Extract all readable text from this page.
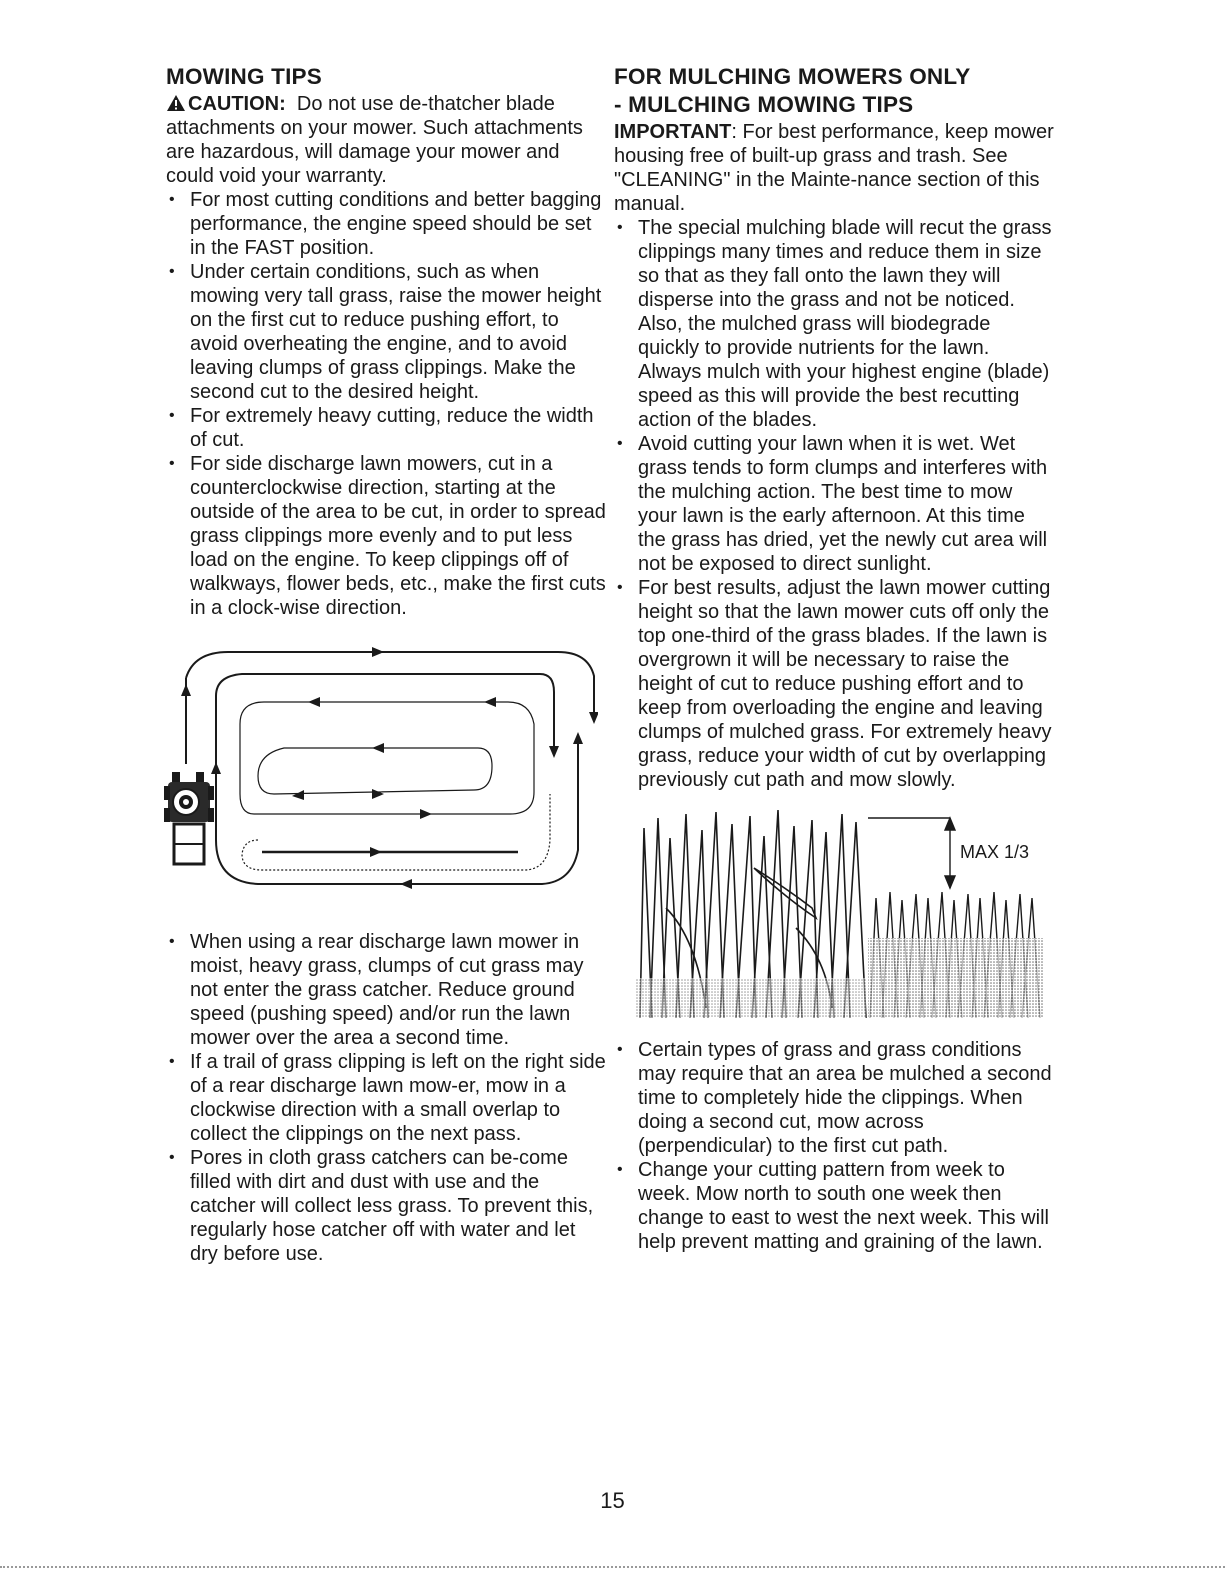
MOWING TIPS

CAUTION: Do not use de-thatcher blade attachments on your mower. Such attachments are hazardous, will damage your mower and could void your warranty.

• For most cutting conditions and better bagging performance, the engine speed should be set in the FAST position.
• Under certain conditions, such as when mowing very tall grass, raise the mower height on the first cut to reduce pushing effort, to avoid overheating the engine, and to avoid leaving clumps of grass clippings. Make the second cut to the desired height.
• For extremely heavy cutting, reduce the width of cut.
• For side discharge lawn mowers, cut in a counterclockwise direction, starting at the outside of the area to be cut, in order to spread grass clippings more evenly and to put less load on the engine. To keep clippings off of walkways, flower beds, etc., make the first cuts in a clock-wise direction.
• When using a rear discharge lawn mower in moist, heavy grass, clumps of cut grass may not enter the grass catcher. Reduce ground speed (pushing speed) and/or run the lawn mower over the area a second time.
• If a trail of grass clipping is left on the right side of a rear discharge lawn mow-er, mow in a clockwise direction with a small overlap to collect the clippings on the next pass.
• Pores in cloth grass catchers can be-come filled with dirt and dust with use and the catcher will collect less grass. To prevent this, regularly hose catcher off with water and let dry before use.
FOR MULCHING MOWERS ONLY
- MULCHING MOWING TIPS

IMPORTANT: For best performance, keep mower housing free of built-up grass and trash. See "CLEANING" in the Mainte-nance section of this manual.

• The special mulching blade will recut the grass clippings many times and reduce them in size so that as they fall onto the lawn they will disperse into the grass and not be noticed. Also, the mulched grass will biodegrade quickly to provide nutrients for the lawn. Always mulch with your highest engine (blade) speed as this will provide the best recutting action of the blades.
• Avoid cutting your lawn when it is wet. Wet grass tends to form clumps and interferes with the mulching action. The best time to mow your lawn is the early afternoon. At this time the grass has dried, yet the newly cut area will not be exposed to direct sunlight.
• For best results, adjust the lawn mower cutting height so that the lawn mower cuts off only the top one-third of the grass blades. If the lawn is overgrown it will be necessary to raise the height of cut to reduce pushing effort and to keep from overloading the engine and leaving clumps of mulched grass. For extremely heavy grass, reduce your width of cut by overlapping previously cut path and mow slowly.
MAX 1/3
• Certain types of grass and grass conditions may require that an area be mulched a second time to completely hide the clippings. When doing a second cut, mow across (perpendicular) to the first cut path.
• Change your cutting pattern from week to week. Mow north to south one week then change to east to west the next week. This will help prevent matting and graining of the lawn.
15
